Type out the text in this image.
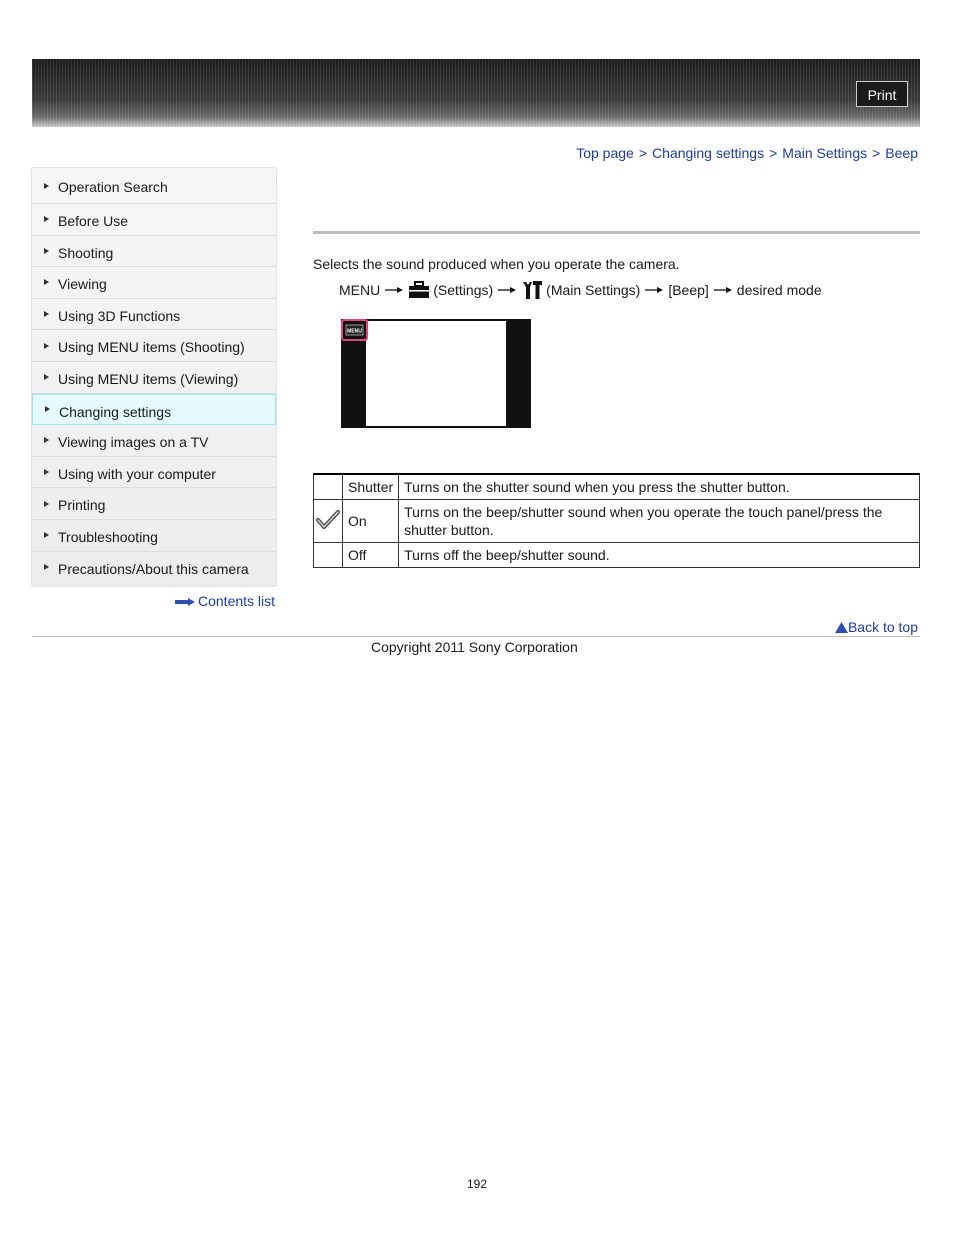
Print
Top page > Changing settings > Main Settings > Beep
Operation Search
Before Use
Shooting
Viewing
Using 3D Functions
Using MENU items (Shooting)
Using MENU items (Viewing)
Changing settings
Viewing images on a TV
Using with your computer
Printing
Troubleshooting
Precautions/About this camera
Contents list
Selects the sound produced when you operate the camera.
MENU	(Settings)	(Main Settings) [Beep] desired mode
MENU
	Shutter	Turns on the shutter sound when you press the shutter button.
	On	Turns on the beep/shutter sound when you operate the touch panel/press the shutter button.
	Off	Turns off the beep/shutter sound.
Back to top
Copyright 2011 Sony Corporation
192
